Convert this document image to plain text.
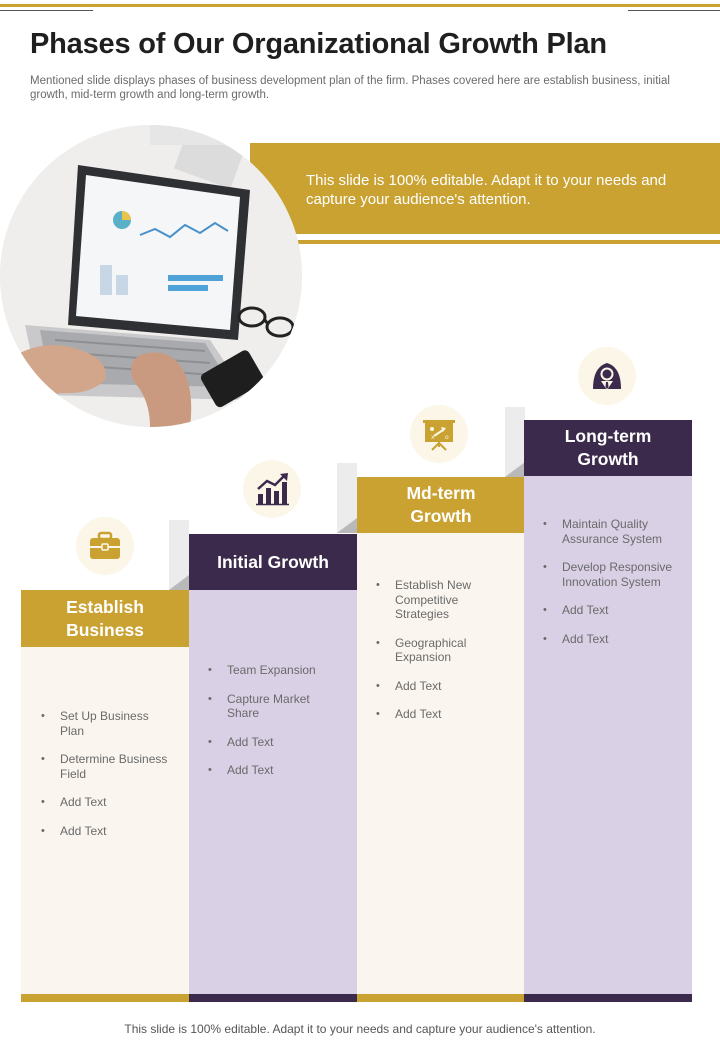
Phases of Our Organizational Growth Plan

Mentioned slide displays phases of business development plan of the firm. Phases covered here are establish business, initial growth, mid-term growth and long-term growth.

This slide is 100% editable. Adapt it to your needs and capture your audience's attention.

x o
Establish Business
• Set Up Business Plan
• Determine Business Field
• Add Text
• Add Text
Initial Growth
• Team Expansion
• Capture Market Share
• Add Text
• Add Text
Md-term Growth
• Establish New Competitive Strategies
• Geographical Expansion
• Add Text
• Add Text
Long-term Growth
• Maintain Quality Assurance System
• Develop Responsive Innovation System
• Add Text
• Add Text

This slide is 100% editable. Adapt it to your needs and capture your audience's attention.
